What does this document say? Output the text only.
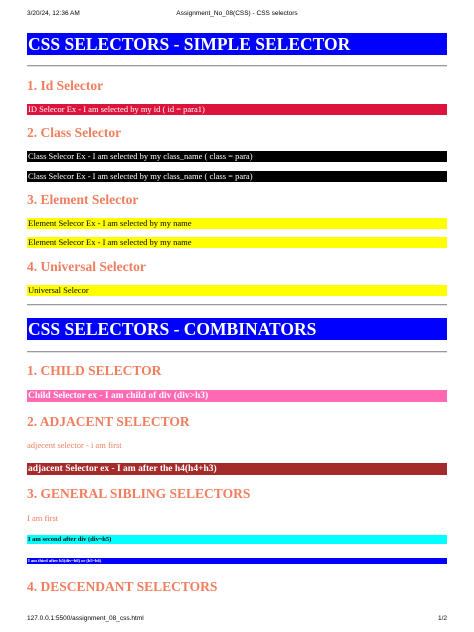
3/20/24, 12:36 AM	Assignment_No_08(CSS) - CSS selectors
CSS SELECTORS - SIMPLE SELECTOR
1. Id Selector
ID Selecor Ex - I am selected by my id ( id = para1)
2. Class Selector
Class Selecor Ex - I am selected by my class_name ( class = para)
Class Selecor Ex - I am selected by my class_name ( class = para)
3. Element Selector
Element Selecor Ex - I am selected by my name
Element Selecor Ex - I am selected by my name
4. Universal Selector
Universal Selecor
CSS SELECTORS - COMBINATORS
1. CHILD SELECTOR
Child Selector ex - I am child of div (div>h3)
2. ADJACENT SELECTOR
adjecent selector - i am first
adjacent Selector ex - I am after the h4(h4+h3)
3. GENERAL SIBLING SELECTORS
I am first
I am second after div (div~h5)
I am third after h5(div~h6) or (h5~h6)
4. DESCENDANT SELECTORS
127.0.0.1:5500/assignment_08_css.html	1/2
